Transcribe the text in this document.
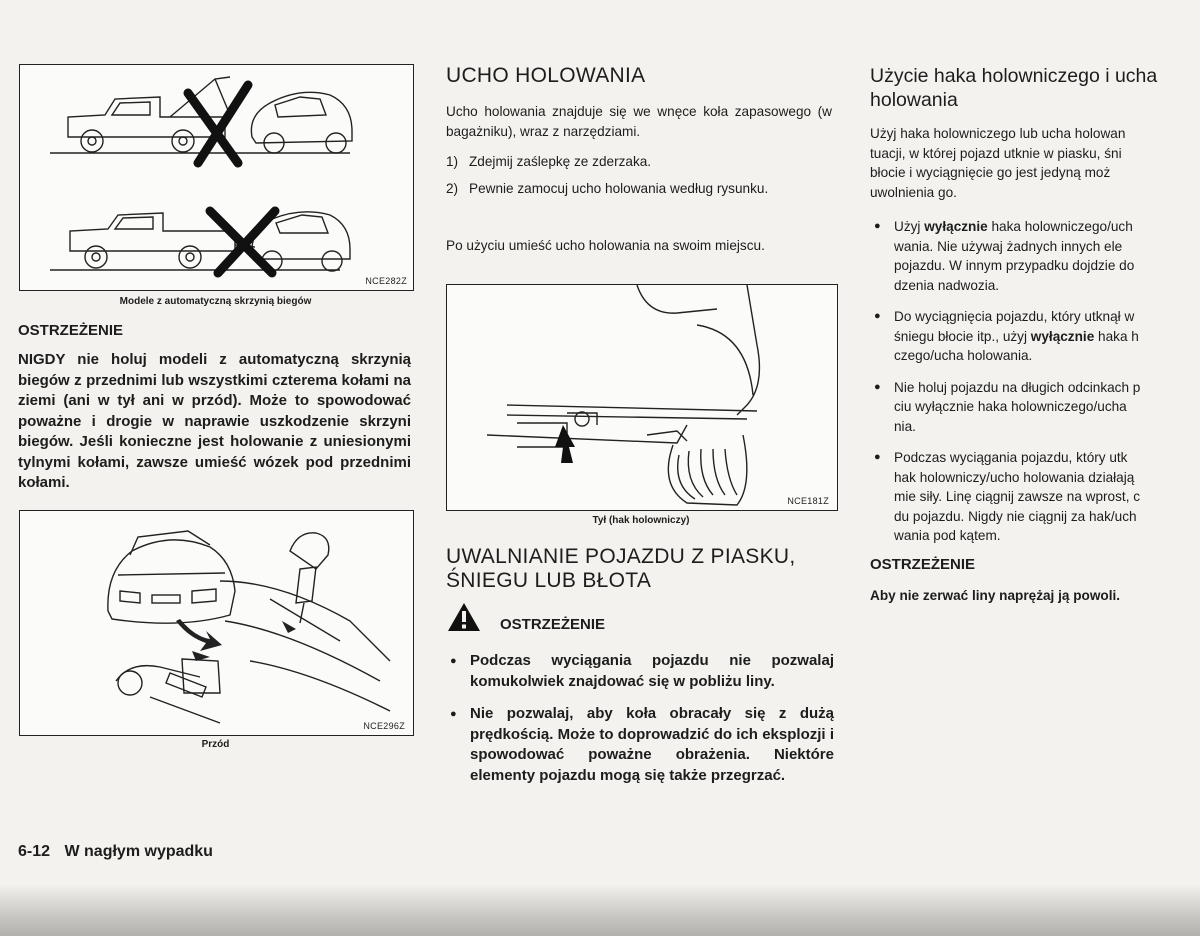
NCE282Z
Modele z automatyczną skrzynią biegów
OSTRZEŻENIE
NIGDY nie holuj modeli z automatyczną skrzynią biegów z przednimi lub wszystkimi czterema kołami na ziemi (ani w tył ani w przód). Może to spowodować poważne i drogie w naprawie uszkodzenie skrzyni biegów. Jeśli konieczne jest holowanie z uniesionymi tylnymi kołami, zawsze umieść wózek pod przednimi kołami.
NCE296Z
Przód
UCHO HOLOWANIA
Ucho holowania znajduje się we wnęce koła zapasowego (w bagażniku), wraz z narzędziami.
1) Zdejmij zaślepkę ze zderzaka.
2) Pewnie zamocuj ucho holowania według rysunku.
Po użyciu umieść ucho holowania na swoim miejscu.
NCE181Z
Tył (hak holowniczy)
UWALNIANIE POJAZDU Z PIASKU,
ŚNIEGU LUB BŁOTA
OSTRZEŻENIE
● Podczas wyciągania pojazdu nie pozwalaj komukolwiek znajdować się w pobliżu liny.
● Nie pozwalaj, aby koła obracały się z dużą prędkością. Może to doprowadzić do ich eksplozji i spowodować poważne obrażenia. Niektóre elementy pojazdu mogą się także przegrzać.
Użycie haka holowniczego i ucha
holowania
Użyj haka holowniczego lub ucha holowan
tuacji, w której pojazd utknie w piasku, śni
błocie i wyciągnięcie go jest jedyną moż
uwolnienia go.
● Użyj wyłącznie haka holowniczego/uch
wania. Nie używaj żadnych innych ele
pojazdu. W innym przypadku dojdzie do
dzenia nadwozia.
● Do wyciągnięcia pojazdu, który utknął w
śniegu błocie itp., użyj wyłącznie haka h
czego/ucha holowania.
● Nie holuj pojazdu na długich odcinkach p
ciu wyłącznie haka holowniczego/ucha
nia.
● Podczas wyciągania pojazdu, który utk
hak holowniczy/ucho holowania działają
mie siły. Linę ciągnij zawsze na wprost, c
du pojazdu. Nigdy nie ciągnij za hak/uch
wania pod kątem.
OSTRZEŻENIE
Aby nie zerwać liny naprężaj ją powoli.
6-12 W nagłym wypadku
